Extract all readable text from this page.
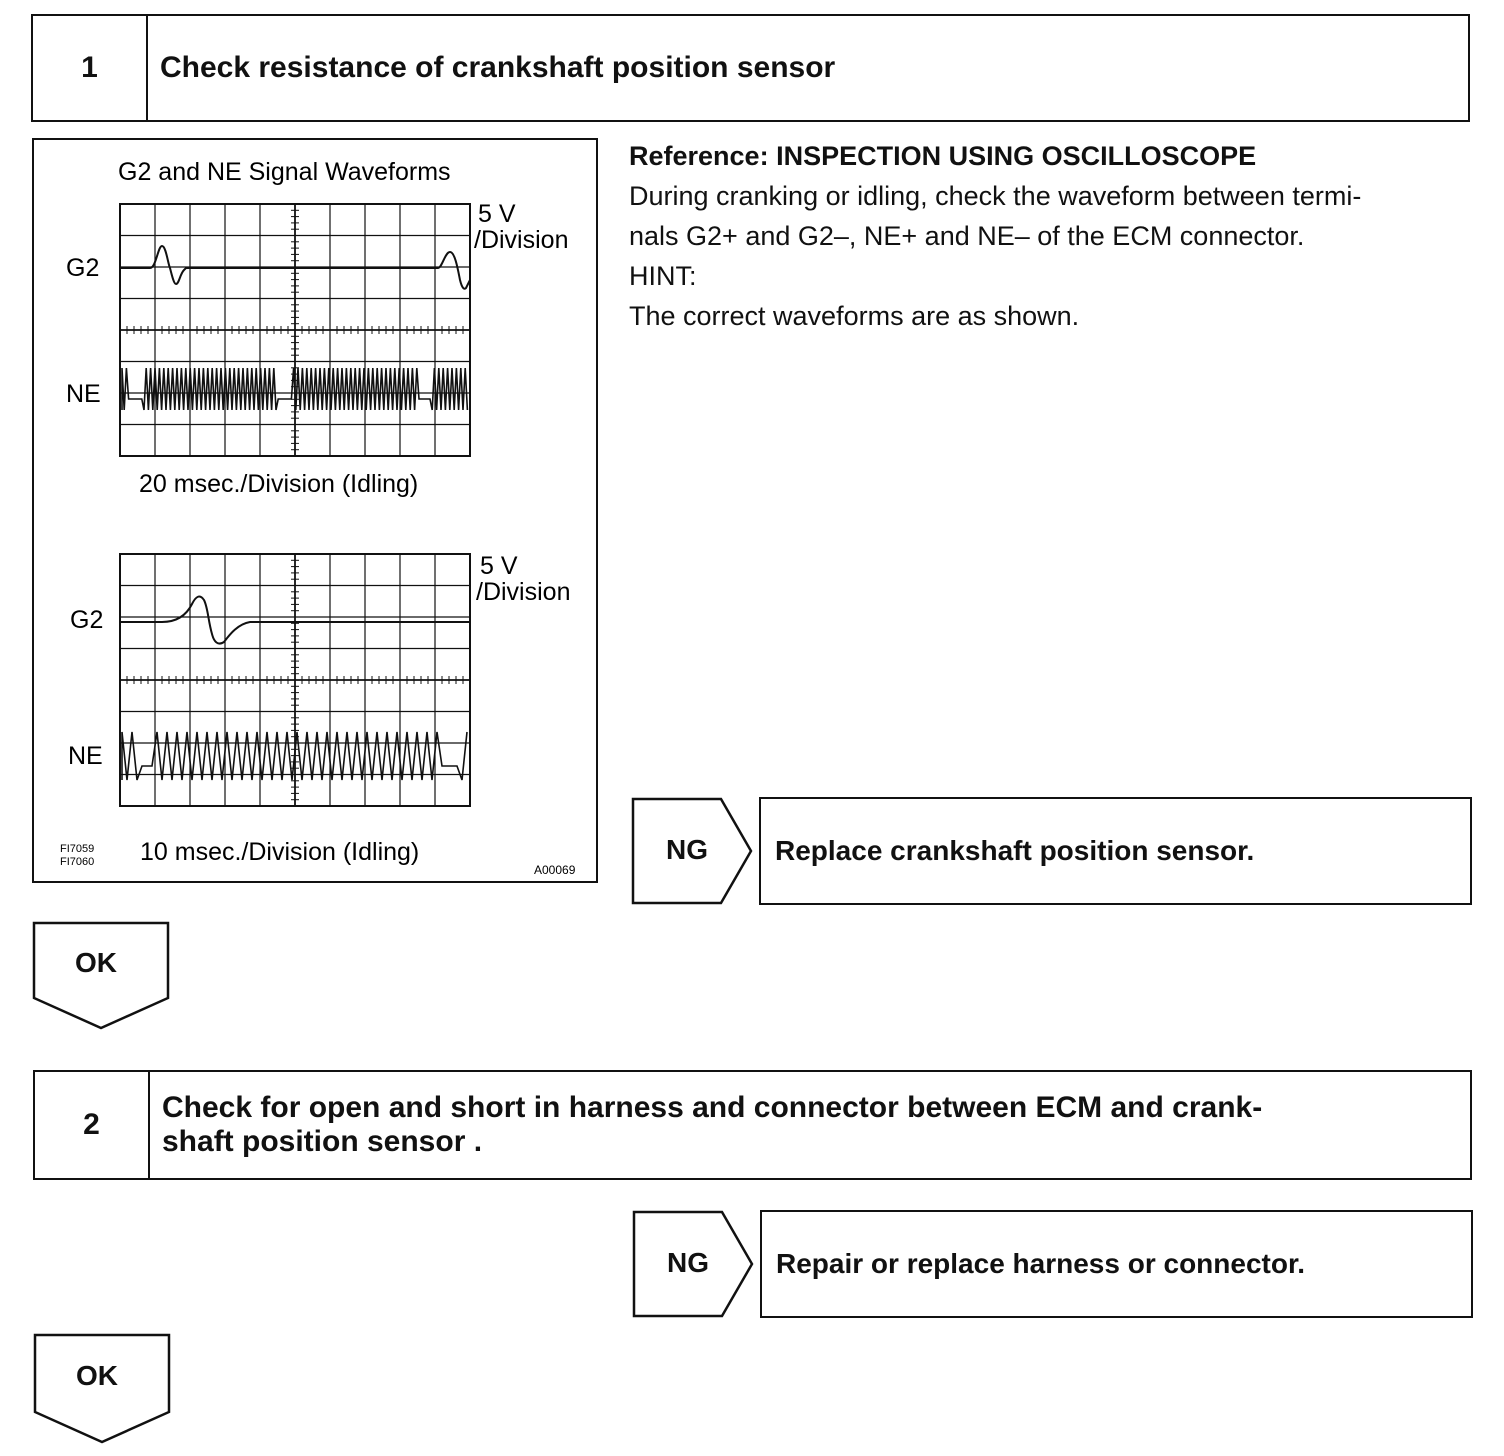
1	Check resistance of crankshaft position sensor
G2 and NE Signal Waveforms
G2
NE
5 V
/Division
20 msec./Division (Idling)
G2
NE
5 V
/Division
10 msec./Division (Idling)
FI7059
FI7060
A00069
Reference: INSPECTION USING OSCILLOSCOPE
During cranking or idling, check the waveform between termi-
nals G2+ and G2–, NE+ and NE– of the ECM connector.
HINT:
The correct waveforms are as shown.
NG	Replace crankshaft position sensor.
OK
2
Check for open and short in harness and connector between ECM and crank-
shaft position sensor .
NG	Repair or replace harness or connector.
OK
